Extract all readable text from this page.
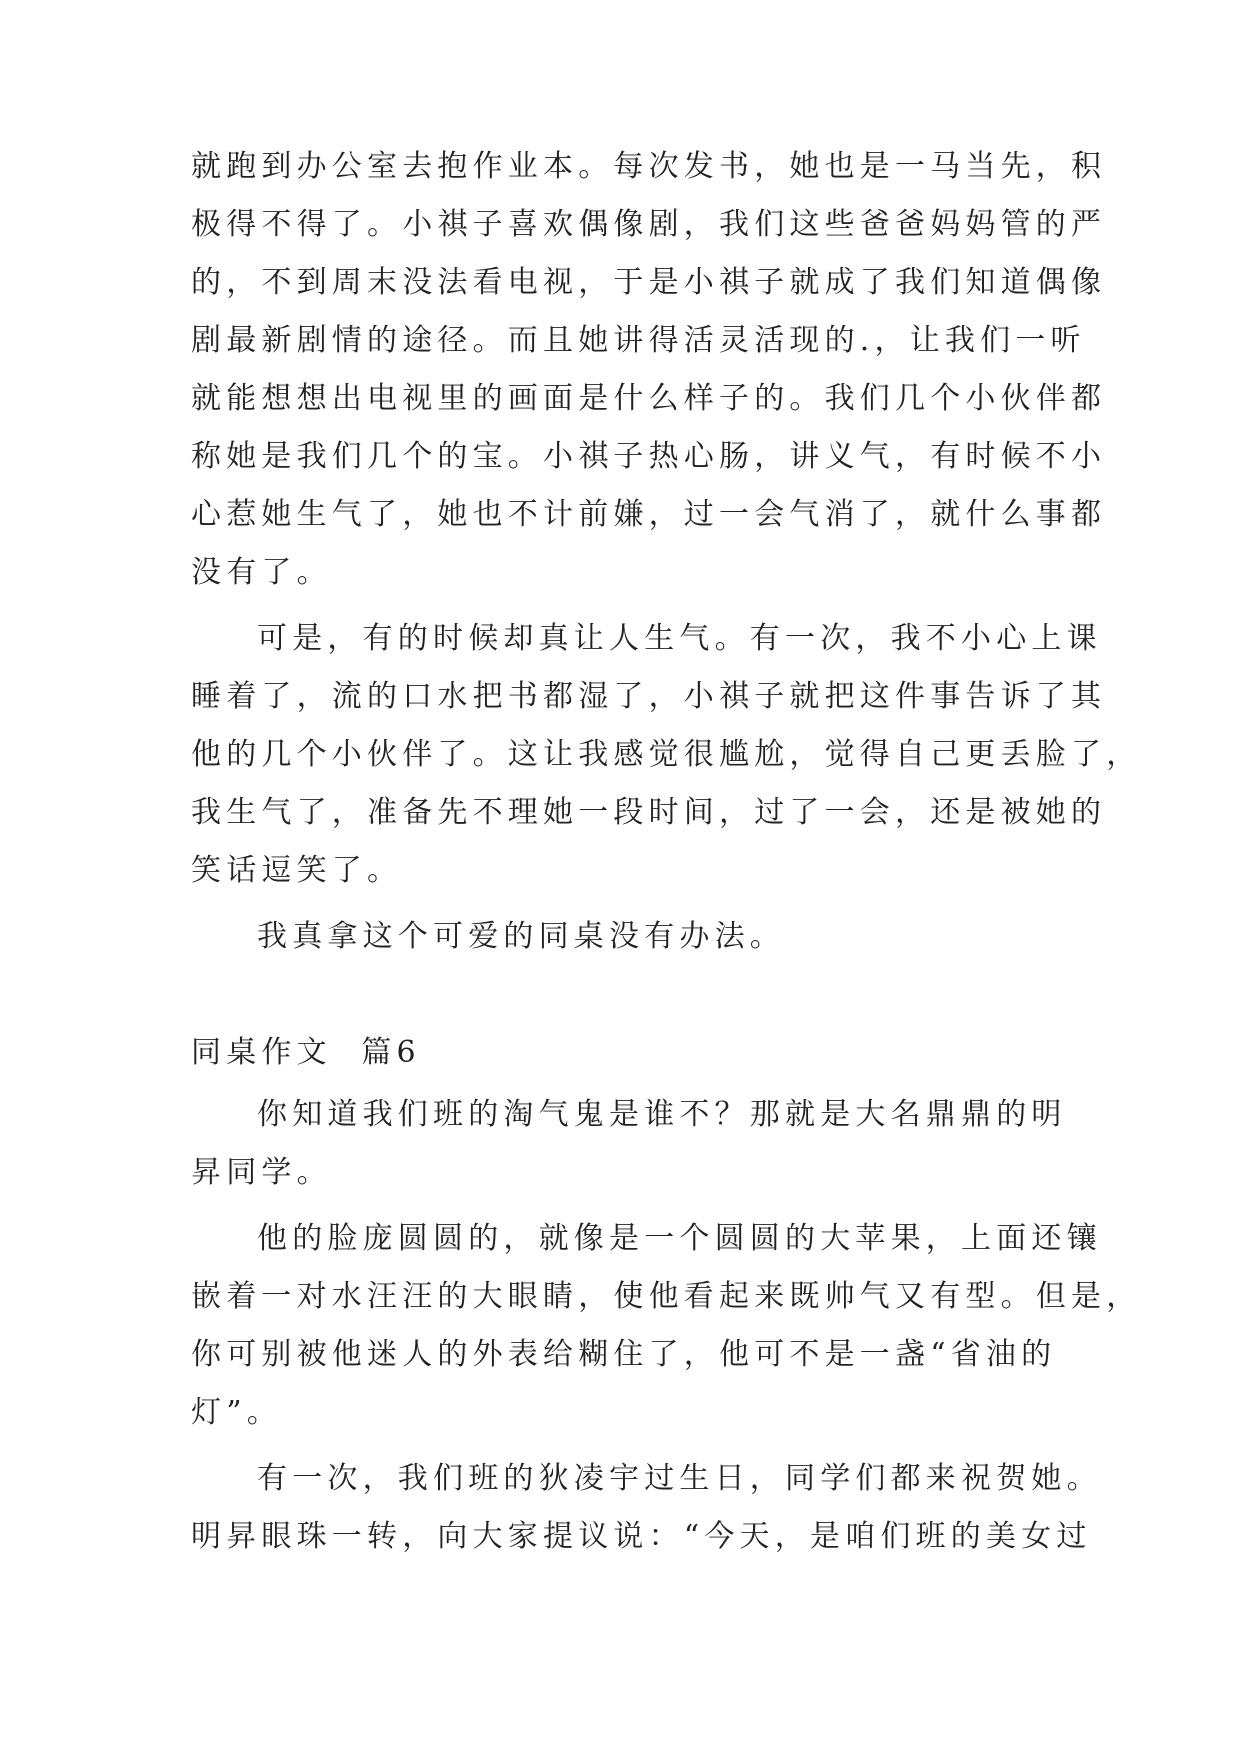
就跑到办公室去抱作业本。每次发书，她也是一马当先，积
极得不得了。小祺子喜欢偶像剧，我们这些爸爸妈妈管的严
的，不到周末没法看电视，于是小祺子就成了我们知道偶像
剧最新剧情的途径。而且她讲得活灵活现的.，让我们一听
就能想想出电视里的画面是什么样子的。我们几个小伙伴都
称她是我们几个的宝。小祺子热心肠，讲义气，有时候不小
心惹她生气了，她也不计前嫌，过一会气消了，就什么事都
没有了。
可是，有的时候却真让人生气。有一次，我不小心上课
睡着了，流的口水把书都湿了，小祺子就把这件事告诉了其
他的几个小伙伴了。这让我感觉很尴尬，觉得自己更丢脸了，
我生气了，准备先不理她一段时间，过了一会，还是被她的
笑话逗笑了。
我真拿这个可爱的同桌没有办法。
同桌作文  篇6
你知道我们班的淘气鬼是谁不？那就是大名鼎鼎的明
昇同学。
他的脸庞圆圆的，就像是一个圆圆的大苹果，上面还镶
嵌着一对水汪汪的大眼睛，使他看起来既帅气又有型。但是，
你可别被他迷人的外表给糊住了，他可不是一盏“省油的
灯”。
有一次，我们班的狄凌宇过生日，同学们都来祝贺她。
明昇眼珠一转，向大家提议说：“今天，是咱们班的美女过
